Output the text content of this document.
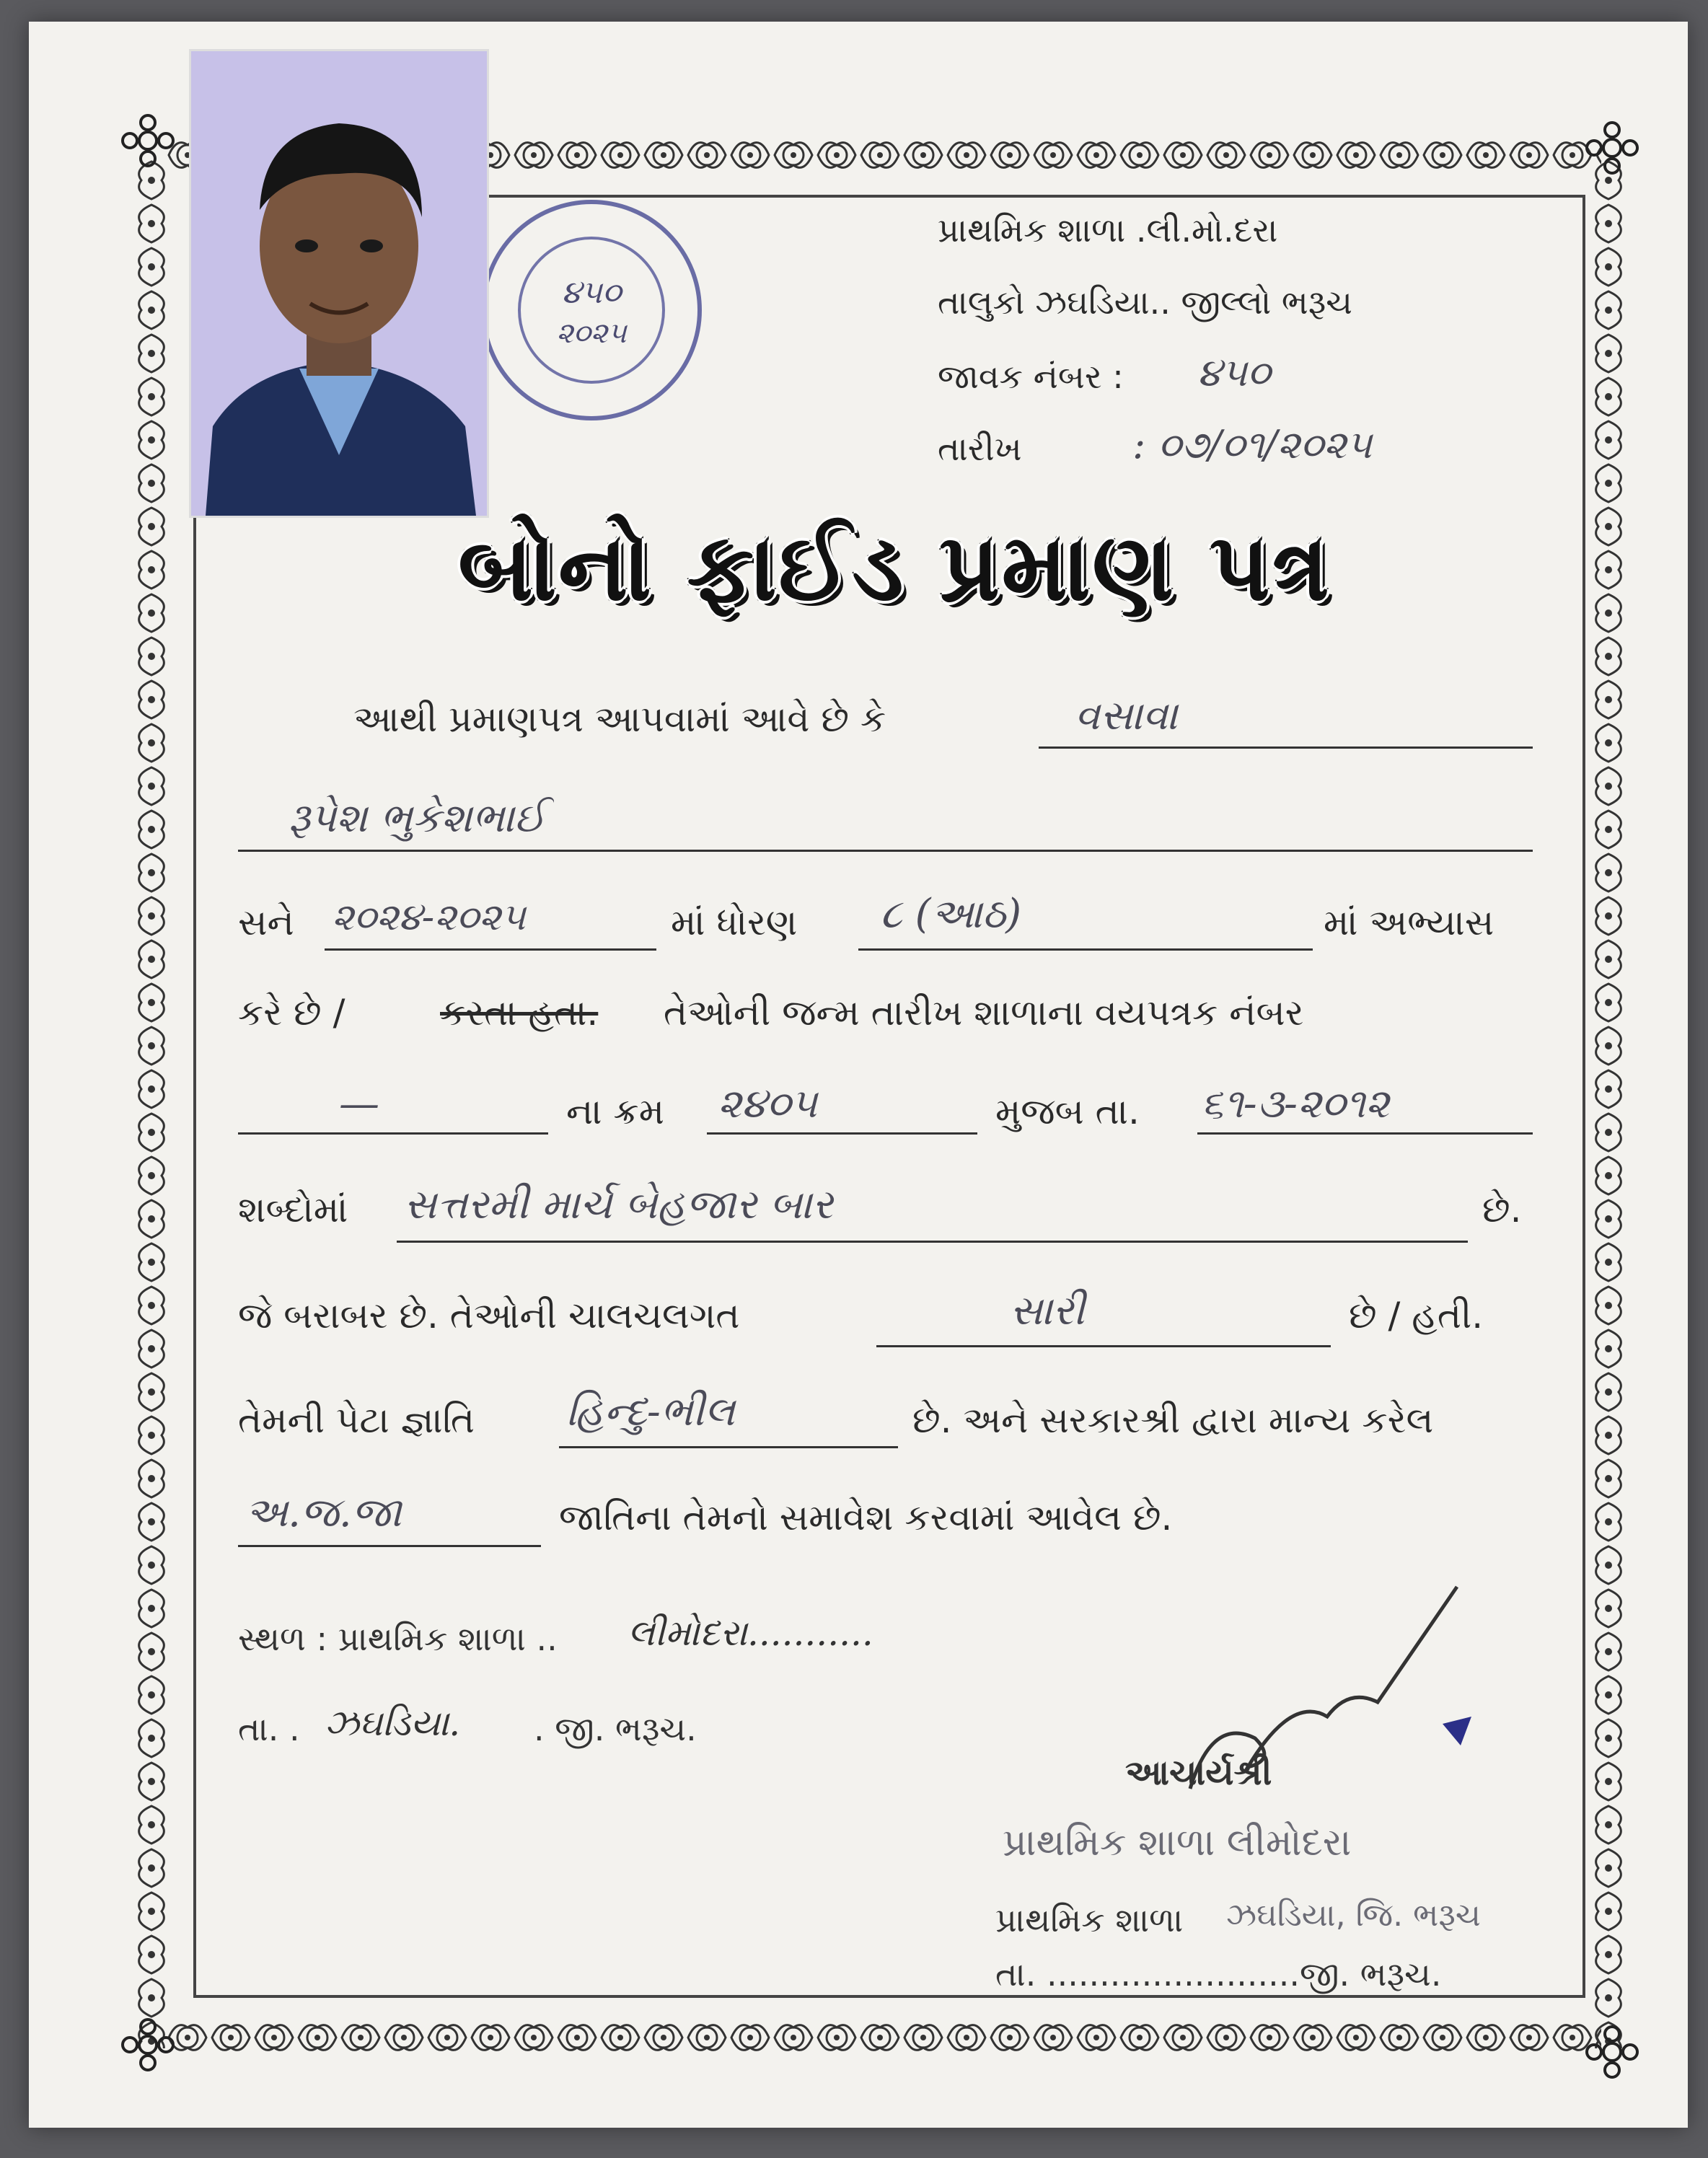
૪૫૦
૨૦૨૫
પ્રાથમિક શાળા .લી.મો.દરા
તાલુકો ઝઘડિયા.. જીલ્લો ભરૂચ
જાવક નંબર : ૪૫૦
તારીખ	: ૦૭/૦૧/૨૦૨૫
બોનો ફાઈડ પ્રમાણ પત્ર
આથી પ્રમાણપત્ર આપવામાં આવે છે કે	વસાવા
રૂપેશ ભુકેશભાઈ
સને ૨૦૨૪-૨૦૨૫	માં ધોરણ ૮ (આઠ)	માં અભ્યાસ
કરે છે /	કરતા હતા. તેઓની જન્મ તારીખ શાળાના વયપત્રક નંબર
—	ના ક્રમ ૨૪૦૫	મુજબ તા. ૬૧-૩-૨૦૧૨
શબ્દોમાં સત્તરમી માર્ચ બેહજાર બાર	છે.
જે બરાબર છે. તેઓની ચાલચલગત	સારી	છે / હતી.
તેમની પેટા જ્ઞાતિ હિન્દુ-ભીલ	છે. અને સરકારશ્રી દ્વારા માન્ય કરેલ
અ.જ.જા	જાતિના તેમનો સમાવેશ કરવામાં આવેલ છે.
સ્થળ : પ્રાથમિક શાળા .. લીમોદરા...........
તા. . ઝઘડિયા. . જી. ભરૂચ.
આચાર્યશ્રી
પ્રાથમિક શાળા લીમોદરા
પ્રાથમિક શાળા ઝઘડિયા, જિ. ભરૂચ
તા. ........................જી. ભરૂચ.
